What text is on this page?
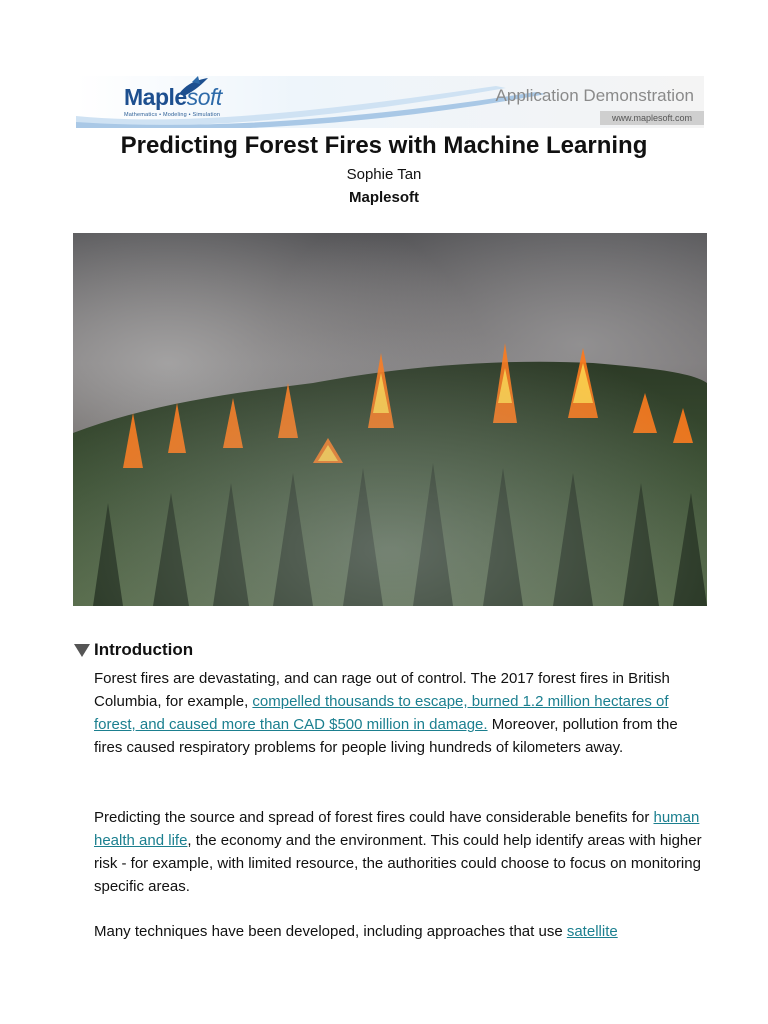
Maplesoft
Mathematics • Modeling • Simulation
Application Demonstration
www.maplesoft.com
Predicting Forest Fires with Machine Learning
Sophie Tan
Maplesoft
Introduction
Forest fires are devastating, and can rage out of control. The 2017 forest fires in British Columbia, for example, compelled thousands to escape, burned 1.2 million hectares of forest, and caused more than CAD $500 million in damage. Moreover, pollution from the fires caused respiratory problems for people living hundreds of kilometers away.
Predicting the source and spread of forest fires could have considerable benefits for human health and life, the economy and the environment. This could help identify areas with higher risk - for example, with limited resource, the authorities could choose to focus on monitoring specific areas.
Many techniques have been developed, including approaches that use satellite
